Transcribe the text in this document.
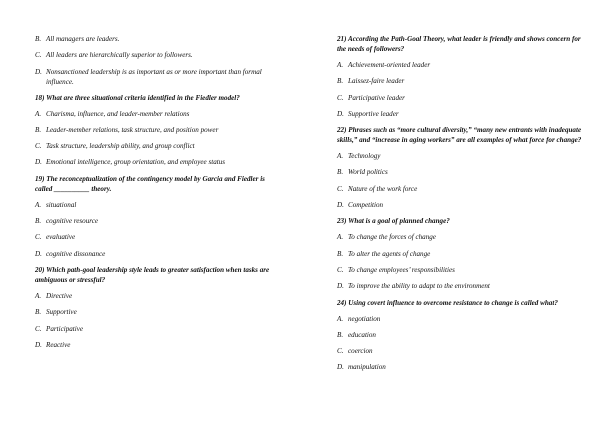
B. All managers are leaders.
C. All leaders are hierarchically superior to followers.
D. Nonsanctioned leadership is as important as or more important than formal influence.
18) What are three situational criteria identified in the Fiedler model?
A. Charisma, influence, and leader-member relations
B. Leader-member relations, task structure, and position power
C. Task structure, leadership ability, and group conflict
D. Emotional intelligence, group orientation, and employee status
19) The reconceptualization of the contingency model by Garcia and Fiedler is called __________ theory.
A. situational
B. cognitive resource
C. evaluative
D. cognitive dissonance
20) Which path-goal leadership style leads to greater satisfaction when tasks are ambiguous or stressful?
A. Directive
B. Supportive
C. Participative
D. Reactive
21) According the Path-Goal Theory, what leader is friendly and shows concern for the needs of followers?
A. Achievement-oriented leader
B. Laissez-faire leader
C. Participative leader
D. Supportive leader
22) Phrases such as “more cultural diversity,” “many new entrants with inadequate skills,” and “increase in aging workers” are all examples of what force for change?
A. Technology
B. World politics
C. Nature of the work force
D. Competition
23) What is a goal of planned change?
A. To change the forces of change
B. To alter the agents of change
C. To change employees’ responsibilities
D. To improve the ability to adapt to the environment
24) Using covert influence to overcome resistance to change is called what?
A. negotiation
B. education
C. coercion
D. manipulation
